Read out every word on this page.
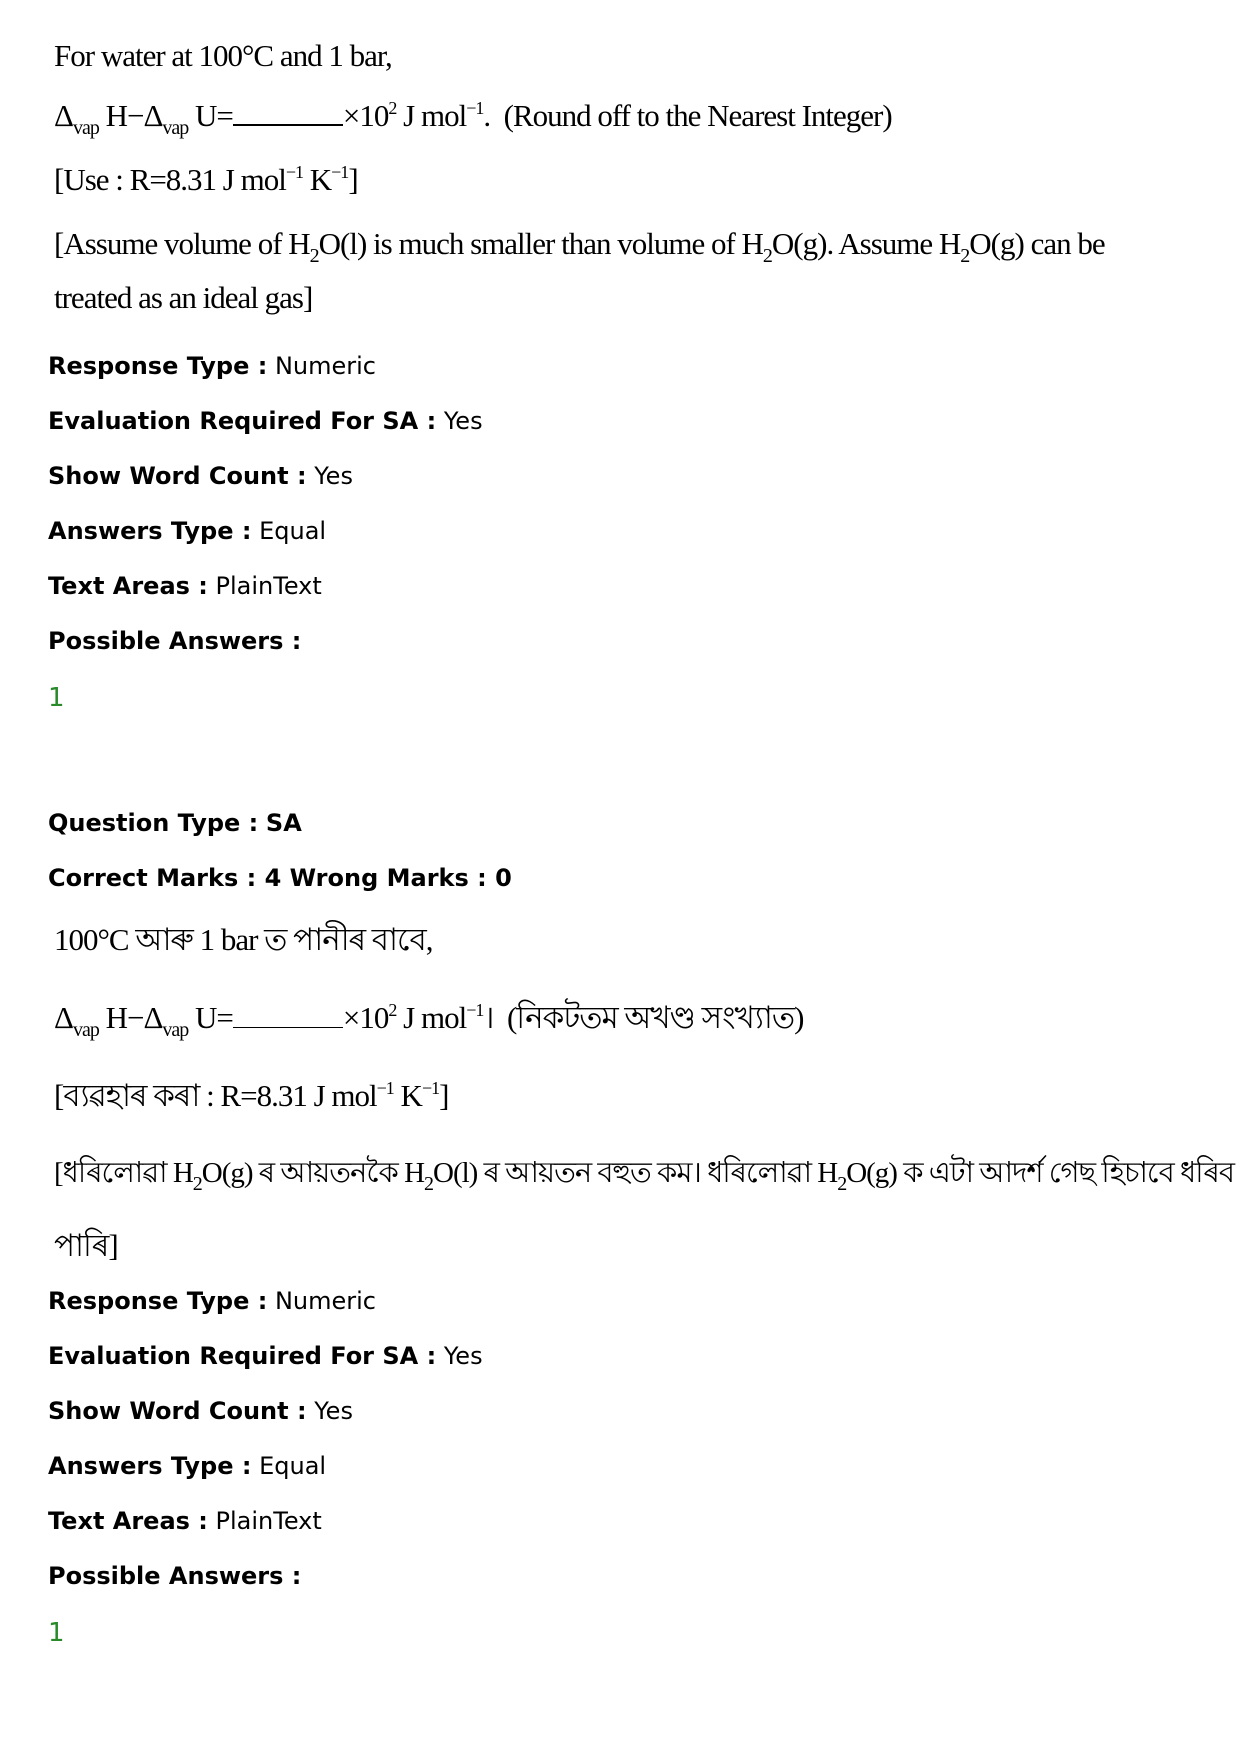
For water at 100°C and 1 bar,
$\Delta_{vap}$ $H-\Delta_{vap}$ U=	$\times 10^2$ J mol$^{-1}$. (Round off to the Nearest Integer)
[Use : R=8.31 J mol$^{-1}$ $K^{-1}$]
[Assume volume of $H_2O(l)$ is much smaller than volume of $H_2O(g)$. Assume $H_2O(g)$ can be
treated as an ideal gas]
Response Type : Numeric
Evaluation Required For SA : Yes
Show Word Count : Yes
Answers Type : Equal
Text Areas : PlainText
Possible Answers :
1
Question Type : SA
Correct Marks : 4 Wrong Marks : 0
100°C আৰু 1 bar ত পানীৰ বাবে,
$\Delta_{vap}$ $H-\Delta_{vap}$ U=	$\times 10^2$ J mol$^{-1}$। (নিকটতম অখণ্ড সংখ্যাত)
[ব্যৱহাৰ কৰা : R=8.31 J mol$^{-1}$ $K^{-1}$]
[ধৰিলোৱা $H_2O(g)$ ৰ আয়তনকৈ $H_2O(l)$ ৰ আয়তন বহুত কম। ধৰিলোৱা $H_2O(g)$ ক এটা আদর্শ গেছ হিচাবে ধৰিব
পাৰি]
Response Type : Numeric
Evaluation Required For SA : Yes
Show Word Count : Yes
Answers Type : Equal
Text Areas : PlainText
Possible Answers :
1
